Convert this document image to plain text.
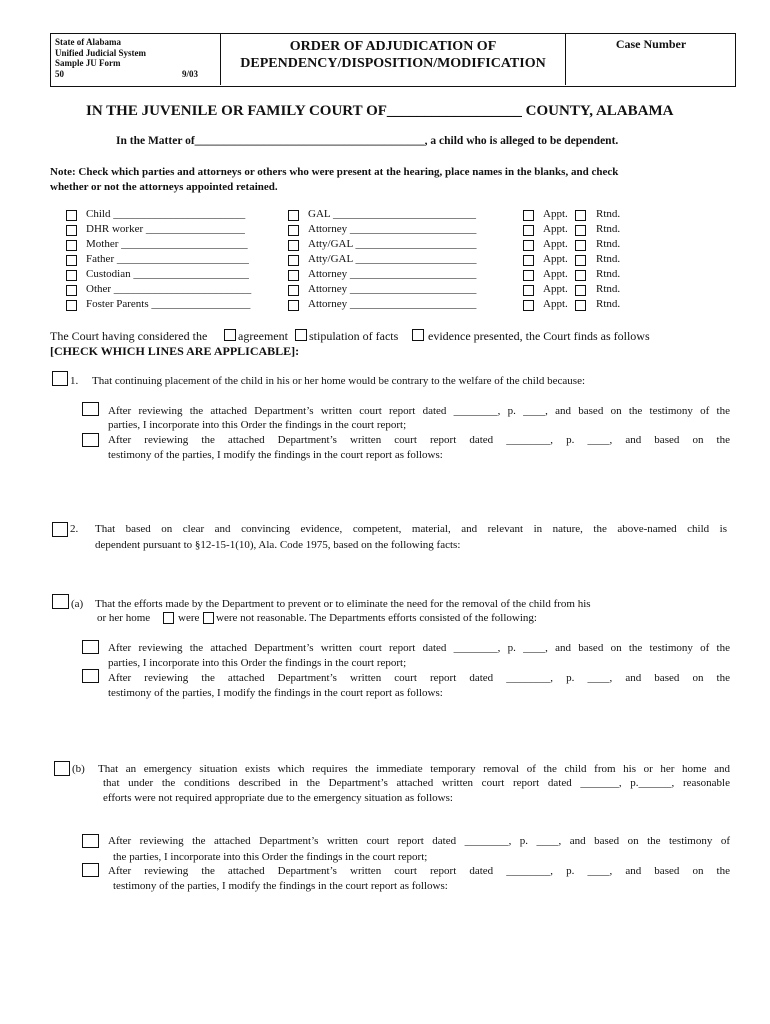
State of Alabama
Unified Judicial System
Sample JU Form
50	9/03
ORDER OF ADJUDICATION OF
DEPENDENCY/DISPOSITION/MODIFICATION
Case Number
IN THE JUVENILE OR FAMILY COURT OF__________________ COUNTY, ALABAMA
In the Matter of________________________________________, a child who is alleged to be dependent.
Note: Check which parties and attorneys or others who were present at the hearing, place names in the blanks, and check
whether or not the attorneys appointed retained.
Child ________________________	GAL __________________________	Appt.	Rtnd.
DHR worker __________________	Attorney _______________________	Appt.	Rtnd.
Mother _______________________	Atty/GAL ______________________	Appt.	Rtnd.
Father ________________________	Atty/GAL ______________________	Appt.	Rtnd.
Custodian _____________________	Attorney _______________________	Appt.	Rtnd.
Other _________________________	Attorney _______________________	Appt.	Rtnd.
Foster Parents __________________	Attorney _______________________	Appt.	Rtnd.
The Court having considered the	agreement stipulation of facts evidence presented, the Court finds as follows
[CHECK WHICH LINES ARE APPLICABLE]:
1. That continuing placement of the child in his or her home would be contrary to the welfare of the child because:
After reviewing the attached Department’s written court report dated ________, p. ____, and based on the testimony of the
parties, I incorporate into this Order the findings in the court report;
After reviewing the attached Department’s written court report dated ________, p. ____, and based on the
testimony of the parties, I modify the findings in the court report as follows:
2. That based on clear and convincing evidence, competent, material, and relevant in nature, the above-named child is
dependent pursuant to §12-15-1(10), Ala. Code 1975, based on the following facts:
(a) That the efforts made by the Department to prevent or to eliminate the need for the removal of the child from his
or her home	were were not reasonable. The Departments efforts consisted of the following:
After reviewing the attached Department’s written court report dated ________, p. ____, and based on the testimony of the
parties, I incorporate into this Order the findings in the court report;
After reviewing the attached Department’s written court report dated ________, p. ____, and based on the
testimony of the parties, I modify the findings in the court report as follows:
(b) That an emergency situation exists which requires the immediate temporary removal of the child from his or her home and
that under the conditions described in the Department’s attached written court report dated _______, p.______, reasonable
efforts were not required appropriate due to the emergency situation as follows:
After reviewing the attached Department’s written court report dated ________, p. ____, and based on the testimony of
the parties, I incorporate into this Order the findings in the court report;
After reviewing the attached Department’s written court report dated ________, p. ____, and based on the
testimony of the parties, I modify the findings in the court report as follows:
